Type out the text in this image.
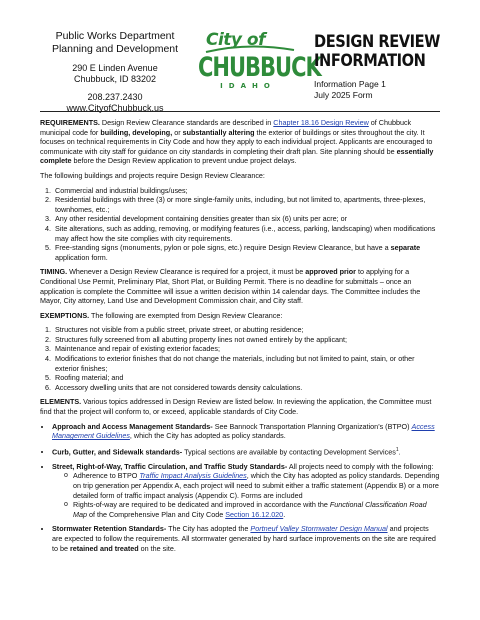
Public Works Department
Planning and Development
290 E Linden Avenue
Chubbuck, ID 83202
208.237.2430
www.CityofChubbuck.us
City of
CHUBBUCK
IDAHO
DESIGN REVIEW
INFORMATION
Information Page 1
July 2025 Form

REQUIREMENTS. Design Review Clearance standards are described in Chapter 18.16 Design Review of Chubbuck municipal code for building, developing, or substantially altering the exterior of buildings or sites throughout the city. It focuses on technical requirements in City Code and how they apply to each individual project. Applicants are encouraged to communicate with city staff for guidance on city standards in completing their draft plan. Site planning should be essentially complete before the Design Review application to prevent undue project delays.

The following buildings and projects require Design Review Clearance:

1. Commercial and industrial buildings/uses;
2. Residential buildings with three (3) or more single-family units, including, but not limited to, apartments, three-plexes, townhomes, etc.;
3. Any other residential development containing densities greater than six (6) units per acre; or
4. Site alterations, such as adding, removing, or modifying features (i.e., access, parking, landscaping) when modifications may affect how the site complies with city requirements.
5. Free-standing signs (monuments, pylon or pole signs, etc.) require Design Review Clearance, but have a separate application form.

TIMING. Whenever a Design Review Clearance is required for a project, it must be approved prior to applying for a Conditional Use Permit, Preliminary Plat, Short Plat, or Building Permit. There is no deadline for submittals – once an application is complete the Committee will issue a written decision within 14 calendar days. The Committee includes the Mayor, City attorney, Land Use and Development Commission chair, and City staff.

EXEMPTIONS. The following are exempted from Design Review Clearance:

1. Structures not visible from a public street, private street, or abutting residence;
2. Structures fully screened from all abutting property lines not owned entirely by the applicant;
3. Maintenance and repair of existing exterior facades;
4. Modifications to exterior finishes that do not change the materials, including but not limited to paint, stain, or other exterior finishes;
5. Roofing material; and
6. Accessory dwelling units that are not considered towards density calculations.

ELEMENTS. Various topics addressed in Design Review are listed below. In reviewing the application, the Committee must find that the project will conform to, or exceed, applicable standards of City Code.

• Approach and Access Management Standards- See Bannock Transportation Planning Organization’s (BTPO) Access Management Guidelines, which the City has adopted as policy standards.
• Curb, Gutter, and Sidewalk standards- Typical sections are available by contacting Development Services$^1$.
• Street, Right-of-Way, Traffic Circulation, and Traffic Study Standards- All projects need to comply with the following:
o Adherence to BTPO Traffic Impact Analysis Guidelines, which the City has adopted as policy standards. Depending on trip generation per Appendix A, each project will need to submit either a traffic statement (Appendix B) or a more detailed form of traffic impact analysis (Appendix C). Forms are included
o Rights-of-way are required to be dedicated and improved in accordance with the Functional Classification Road Map of the Comprehensive Plan and City Code Section 16.12.020.
• Stormwater Retention Standards- The City has adopted the Portneuf Valley Stormwater Design Manual and projects are expected to follow the requirements. All stormwater generated by hard surface improvements on the site are required to be retained and treated on the site.
